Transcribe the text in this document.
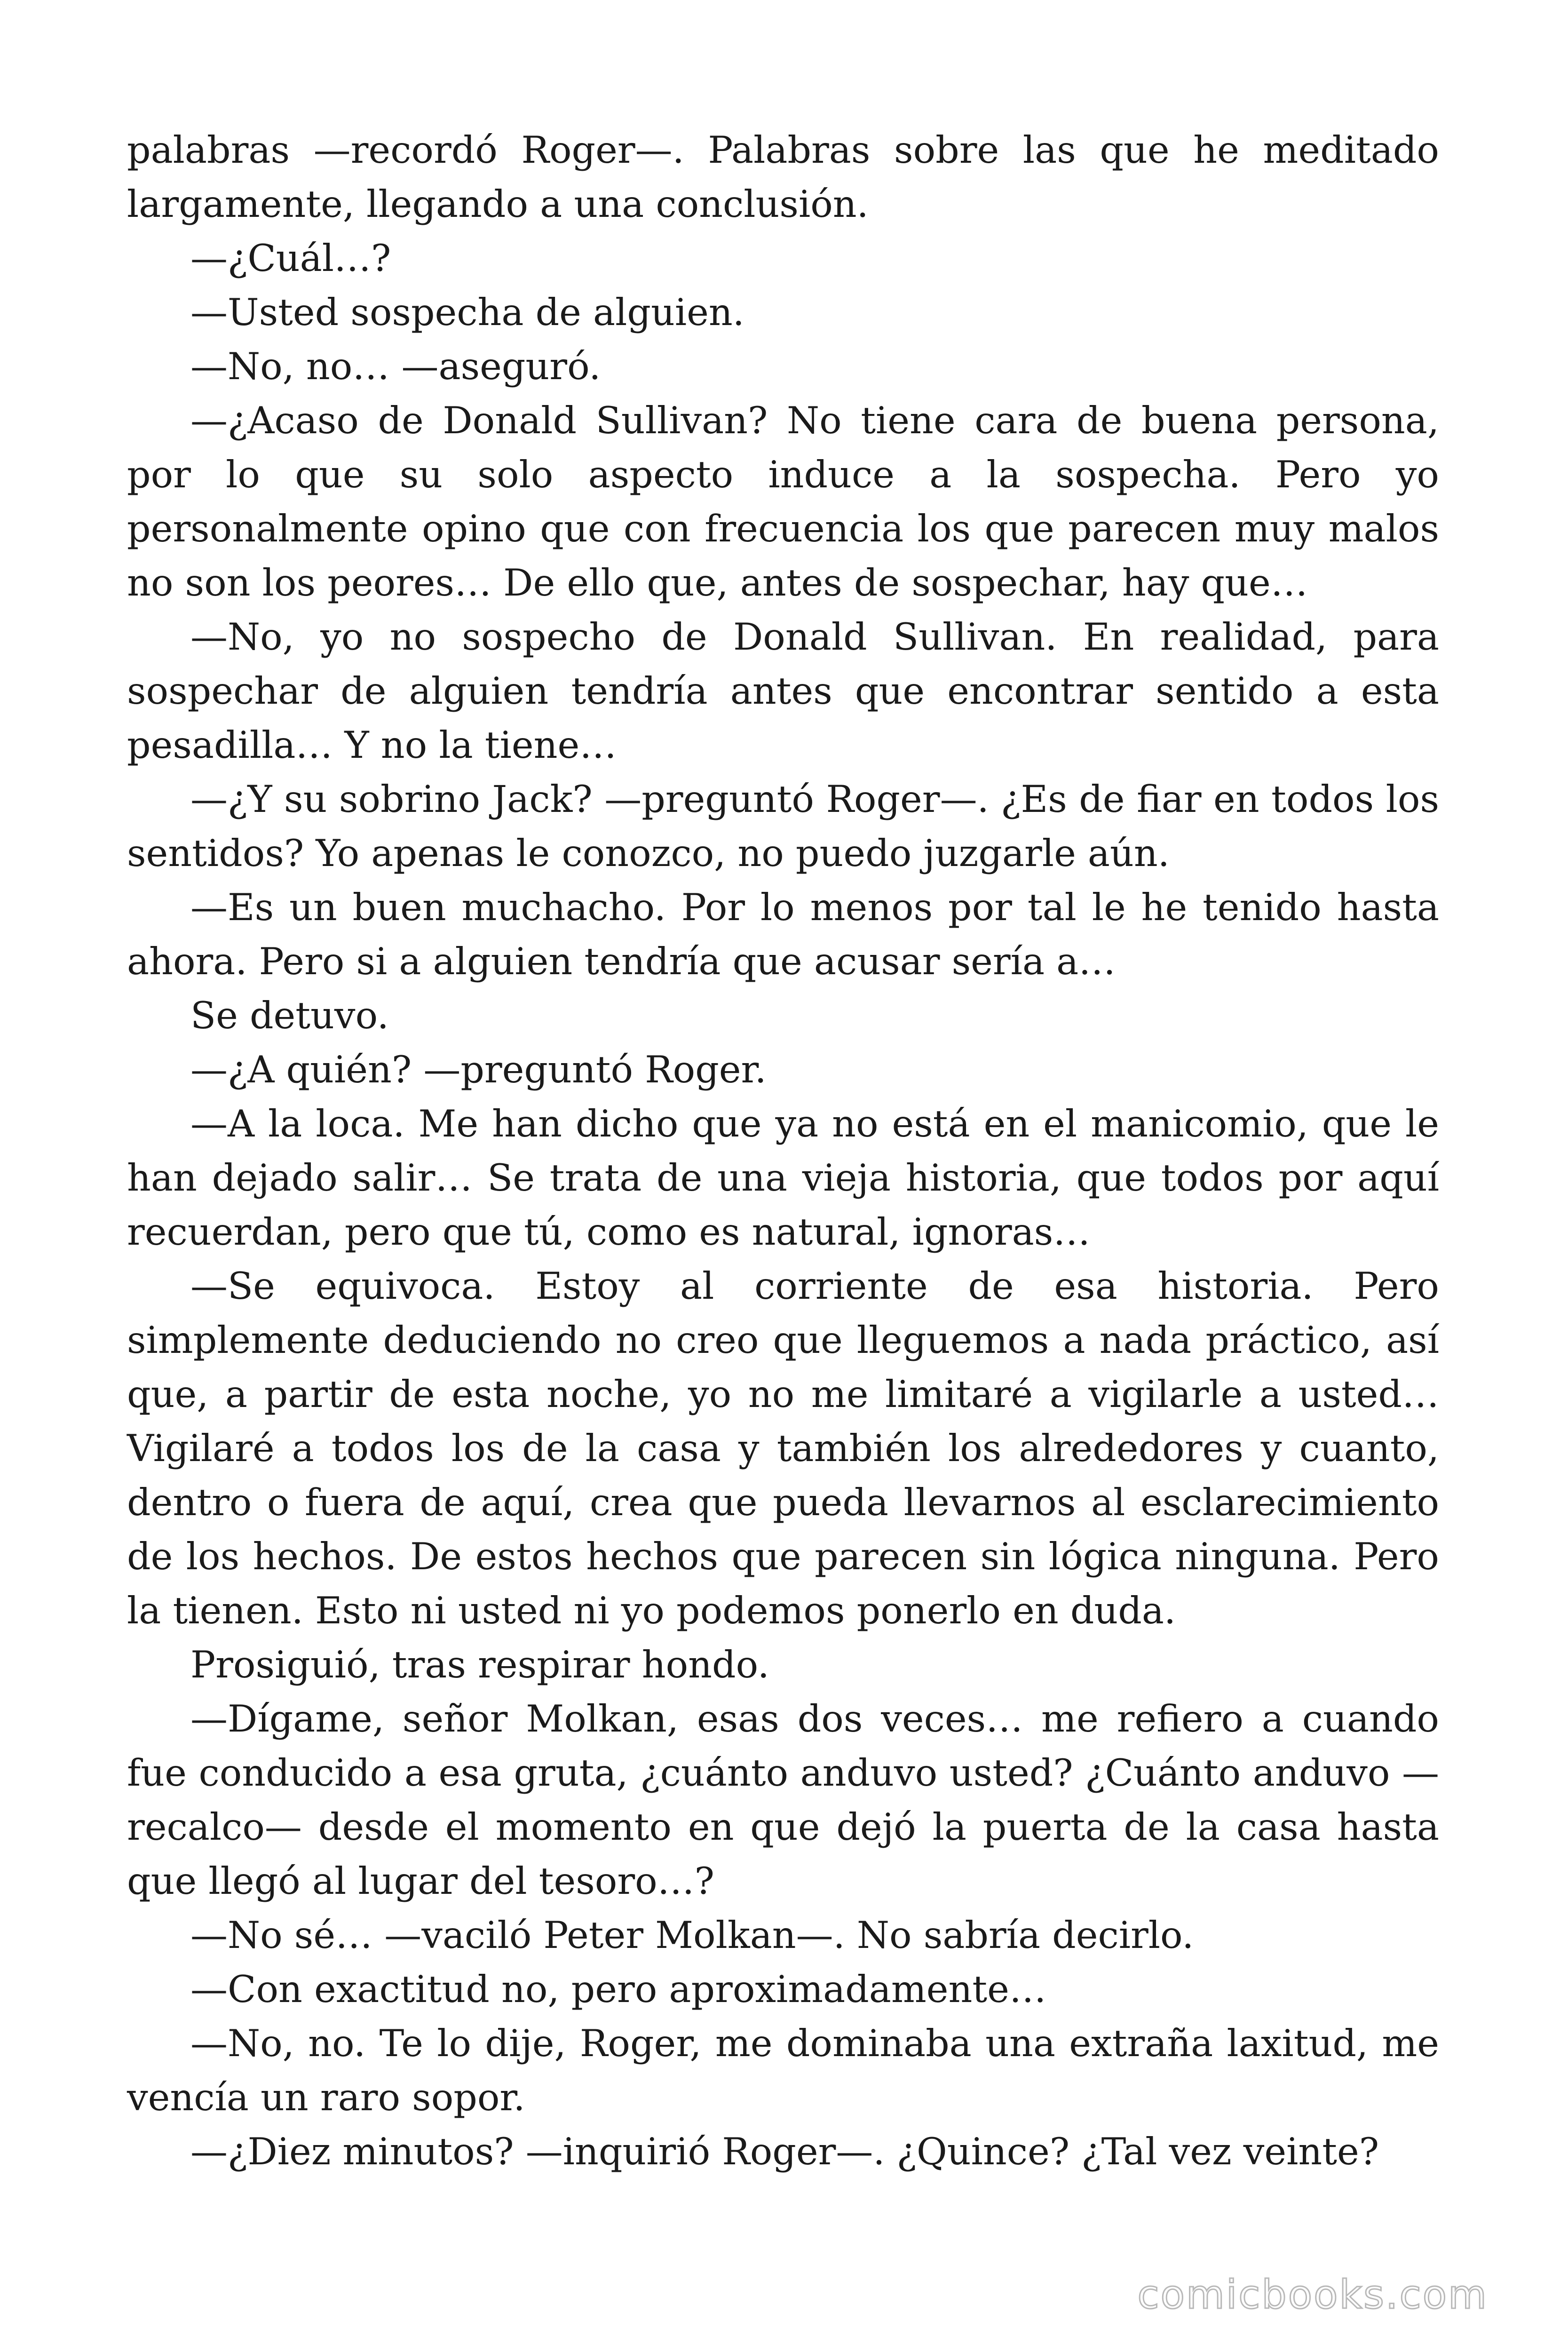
palabras —recordó Roger—. Palabras sobre las que he meditado largamente, llegando a una conclusión.

—¿Cuál…?

—Usted sospecha de alguien.

—No, no… —aseguró.

—¿Acaso de Donald Sullivan? No tiene cara de buena persona, por lo que su solo aspecto induce a la sospecha. Pero yo personalmente opino que con frecuencia los que parecen muy malos no son los peores… De ello que, antes de sospechar, hay que…

—No, yo no sospecho de Donald Sullivan. En realidad, para sospechar de alguien tendría antes que encontrar sentido a esta pesadilla… Y no la tiene…

—¿Y su sobrino Jack? —preguntó Roger—. ¿Es de fiar en todos los sentidos? Yo apenas le conozco, no puedo juzgarle aún.

—Es un buen muchacho. Por lo menos por tal le he tenido hasta ahora. Pero si a alguien tendría que acusar sería a…

Se detuvo.

—¿A quién? —preguntó Roger.

—A la loca. Me han dicho que ya no está en el manicomio, que le han dejado salir… Se trata de una vieja historia, que todos por aquí recuerdan, pero que tú, como es natural, ignoras…

—Se equivoca. Estoy al corriente de esa historia. Pero simplemente deduciendo no creo que lleguemos a nada práctico, así que, a partir de esta noche, yo no me limitaré a vigilarle a usted… Vigilaré a todos los de la casa y también los alrededores y cuanto, dentro o fuera de aquí, crea que pueda llevarnos al esclarecimiento de los hechos. De estos hechos que parecen sin lógica ninguna. Pero la tienen. Esto ni usted ni yo podemos ponerlo en duda.

Prosiguió, tras respirar hondo.

—Dígame, señor Molkan, esas dos veces… me refiero a cuando fue conducido a esa gruta, ¿cuánto anduvo usted? ¿Cuánto anduvo —recalco— desde el momento en que dejó la puerta de la casa hasta que llegó al lugar del tesoro…?

—No sé… —vaciló Peter Molkan—. No sabría decirlo.

—Con exactitud no, pero aproximadamente…

—No, no. Te lo dije, Roger, me dominaba una extraña laxitud, me vencía un raro sopor.

—¿Diez minutos? —inquirió Roger—. ¿Quince? ¿Tal vez veinte?

comicbooks.com
